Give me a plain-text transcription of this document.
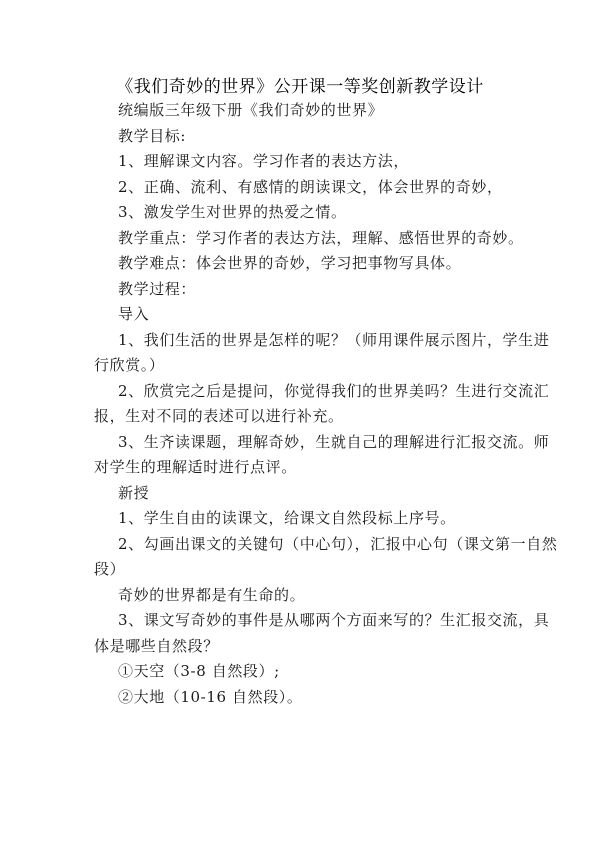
《我们奇妙的世界》公开课一等奖创新教学设计
统编版三年级下册《我们奇妙的世界》
教学目标:
1、理解课文内容。学习作者的表达方法，
2、正确、流利、有感情的朗读课文，体会世界的奇妙，
3、激发学生对世界的热爱之情。
教学重点：学习作者的表达方法，理解、感悟世界的奇妙。
教学难点：体会世界的奇妙，学习把事物写具体。
教学过程：
导入
1、我们生活的世界是怎样的呢？（师用课件展示图片，学生进
行欣赏。）
2、欣赏完之后是提问，你觉得我们的世界美吗？生进行交流汇
报，生对不同的表述可以进行补充。
3、生齐读课题，理解奇妙，生就自己的理解进行汇报交流。师
对学生的理解适时进行点评。
新授
1、学生自由的读课文，给课文自然段标上序号。
2、勾画出课文的关键句（中心句），汇报中心句（课文第一自然
段）
奇妙的世界都是有生命的。
3、课文写奇妙的事件是从哪两个方面来写的？生汇报交流，具
体是哪些自然段？
①天空（3-8 自然段）;
②大地（10-16 自然段）。
